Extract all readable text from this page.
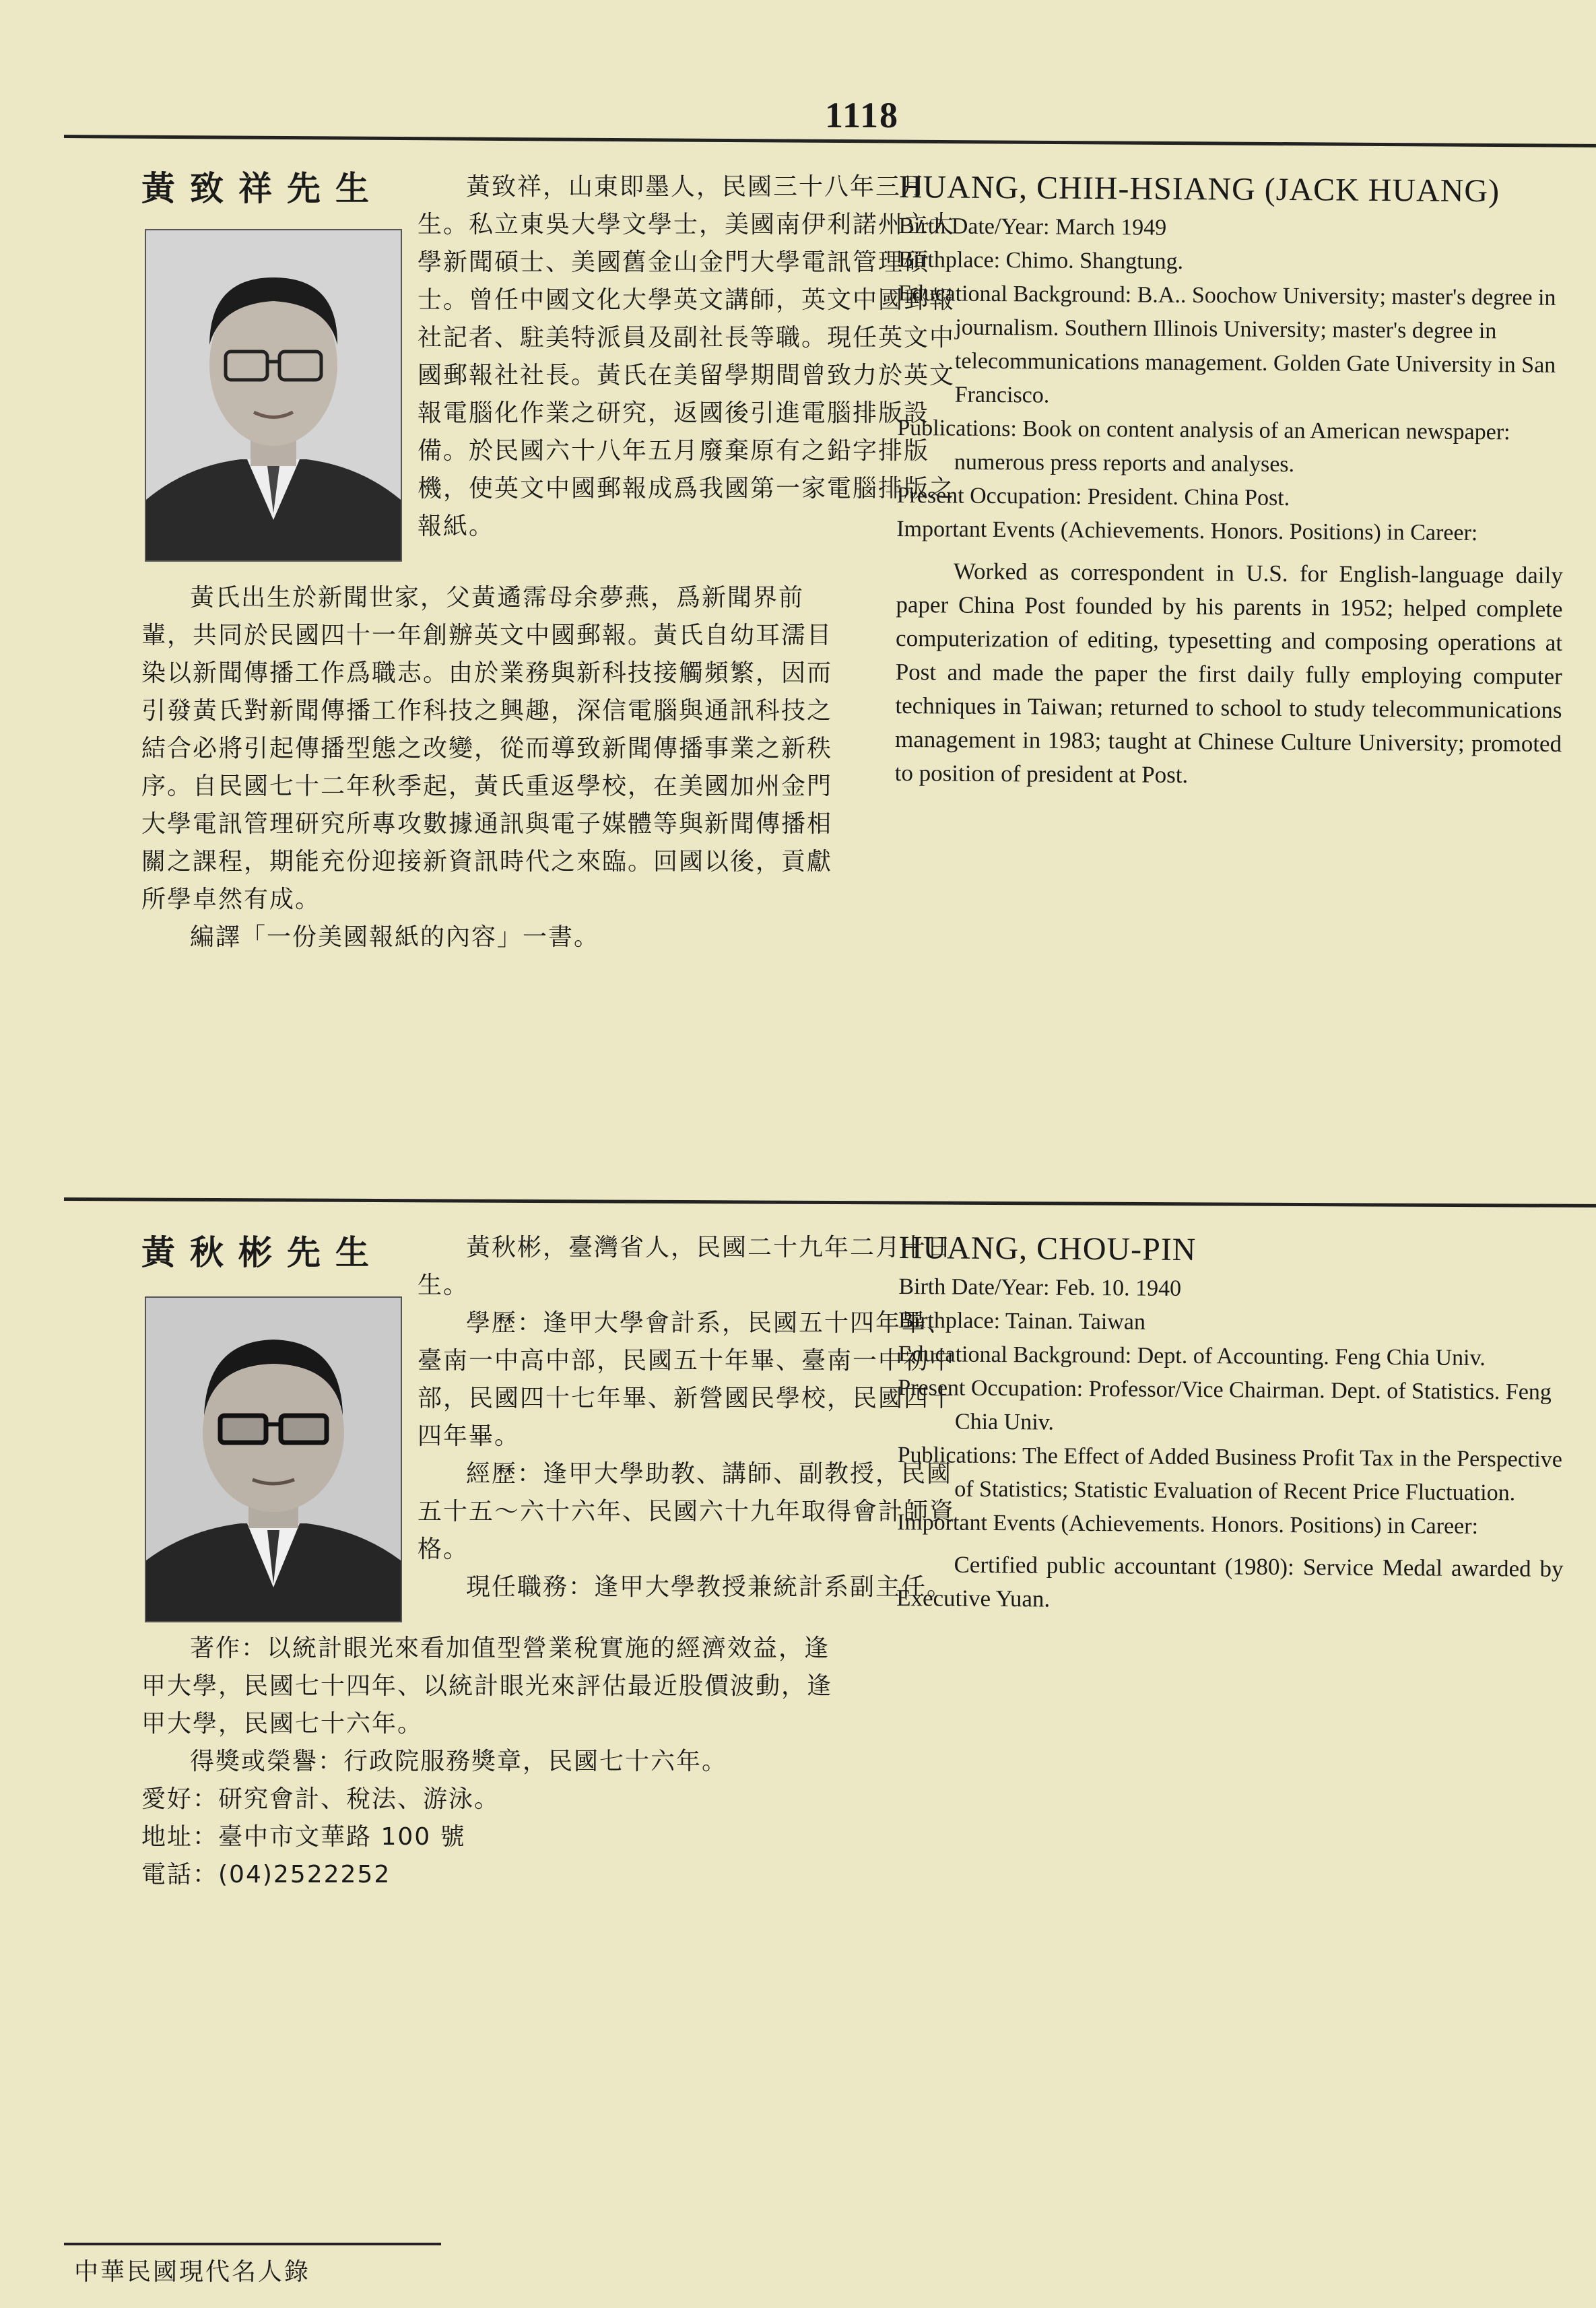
1118
黃致祥先生	黃致祥，山東即墨人，民國三十八年三月生。私立東吳大學文學士，美國南伊利諾州立大學新聞碩士、美國舊金山金門大學電訊管理碩士。曾任中國文化大學英文講師，英文中國郵報社記者、駐美特派員及副社長等職。現任英文中國郵報社社長。黃氏在美留學期間曾致力於英文報電腦化作業之研究，返國後引進電腦排版設備。於民國六十八年五月廢棄原有之鉛字排版機，使英文中國郵報成爲我國第一家電腦排版之報紙。

黃氏出生於新聞世家，父黃遹霈母余夢燕，爲新聞界前輩，共同於民國四十一年創辦英文中國郵報。黃氏自幼耳濡目染以新聞傳播工作爲職志。由於業務與新科技接觸頻繁，因而引發黃氏對新聞傳播工作科技之興趣，深信電腦與通訊科技之結合必將引起傳播型態之改變，從而導致新聞傳播事業之新秩序。自民國七十二年秋季起，黃氏重返學校，在美國加州金門大學電訊管理研究所專攻數據通訊與電子媒體等與新聞傳播相關之課程，期能充份迎接新資訊時代之來臨。回國以後，貢獻所學卓然有成。

編譯「一份美國報紙的內容」一書。

HUANG, CHIH-HSIANG (JACK HUANG)

Birth Date/Year: March 1949

Birthplace: Chimo. Shangtung.

Educational Background: B.A.. Soochow University; master's degree in journalism. Southern Illinois University; master's degree in telecommunications management. Golden Gate University in San Francisco.

Publications: Book on content analysis of an American newspaper: numerous press reports and analyses.

Present Occupation: President. China Post.

Important Events (Achievements. Honors. Positions) in Career:

Worked as correspondent in U.S. for English-language daily paper China Post founded by his parents in 1952; helped complete computerization of editing, typesetting and composing operations at Post and made the paper the first daily fully employing computer techniques in Taiwan; returned to school to study telecommunications management in 1983; taught at Chinese Culture University; promoted to position of president at Post.

黃秋彬先生	黃秋彬，臺灣省人，民國二十九年二月十日生。

學歷：逢甲大學會計系，民國五十四年畢、臺南一中高中部，民國五十年畢、臺南一中初中部，民國四十七年畢、新營國民學校，民國四十四年畢。

經歷：逢甲大學助教、講師、副教授，民國五十五～六十六年、民國六十九年取得會計師資格。

現任職務：逢甲大學教授兼統計系副主任。

著作：以統計眼光來看加值型營業稅實施的經濟效益，逢甲大學，民國七十四年、以統計眼光來評估最近股價波動，逢甲大學，民國七十六年。

得獎或榮譽：行政院服務獎章，民國七十六年。

愛好：研究會計、稅法、游泳。

地址：臺中市文華路 100 號

電話：(04)2522252

HUANG, CHOU-PIN

Birth Date/Year: Feb. 10. 1940

Birthplace: Tainan. Taiwan

Educational Background: Dept. of Accounting. Feng Chia Univ.

Present Occupation: Professor/Vice Chairman. Dept. of Statistics. Feng Chia Univ.

Publications: The Effect of Added Business Profit Tax in the Perspective of Statistics; Statistic Evaluation of Recent Price Fluctuation.

Important Events (Achievements. Honors. Positions) in Career:

Certified public accountant (1980): Service Medal awarded by Executive Yuan.

中華民國現代名人錄
